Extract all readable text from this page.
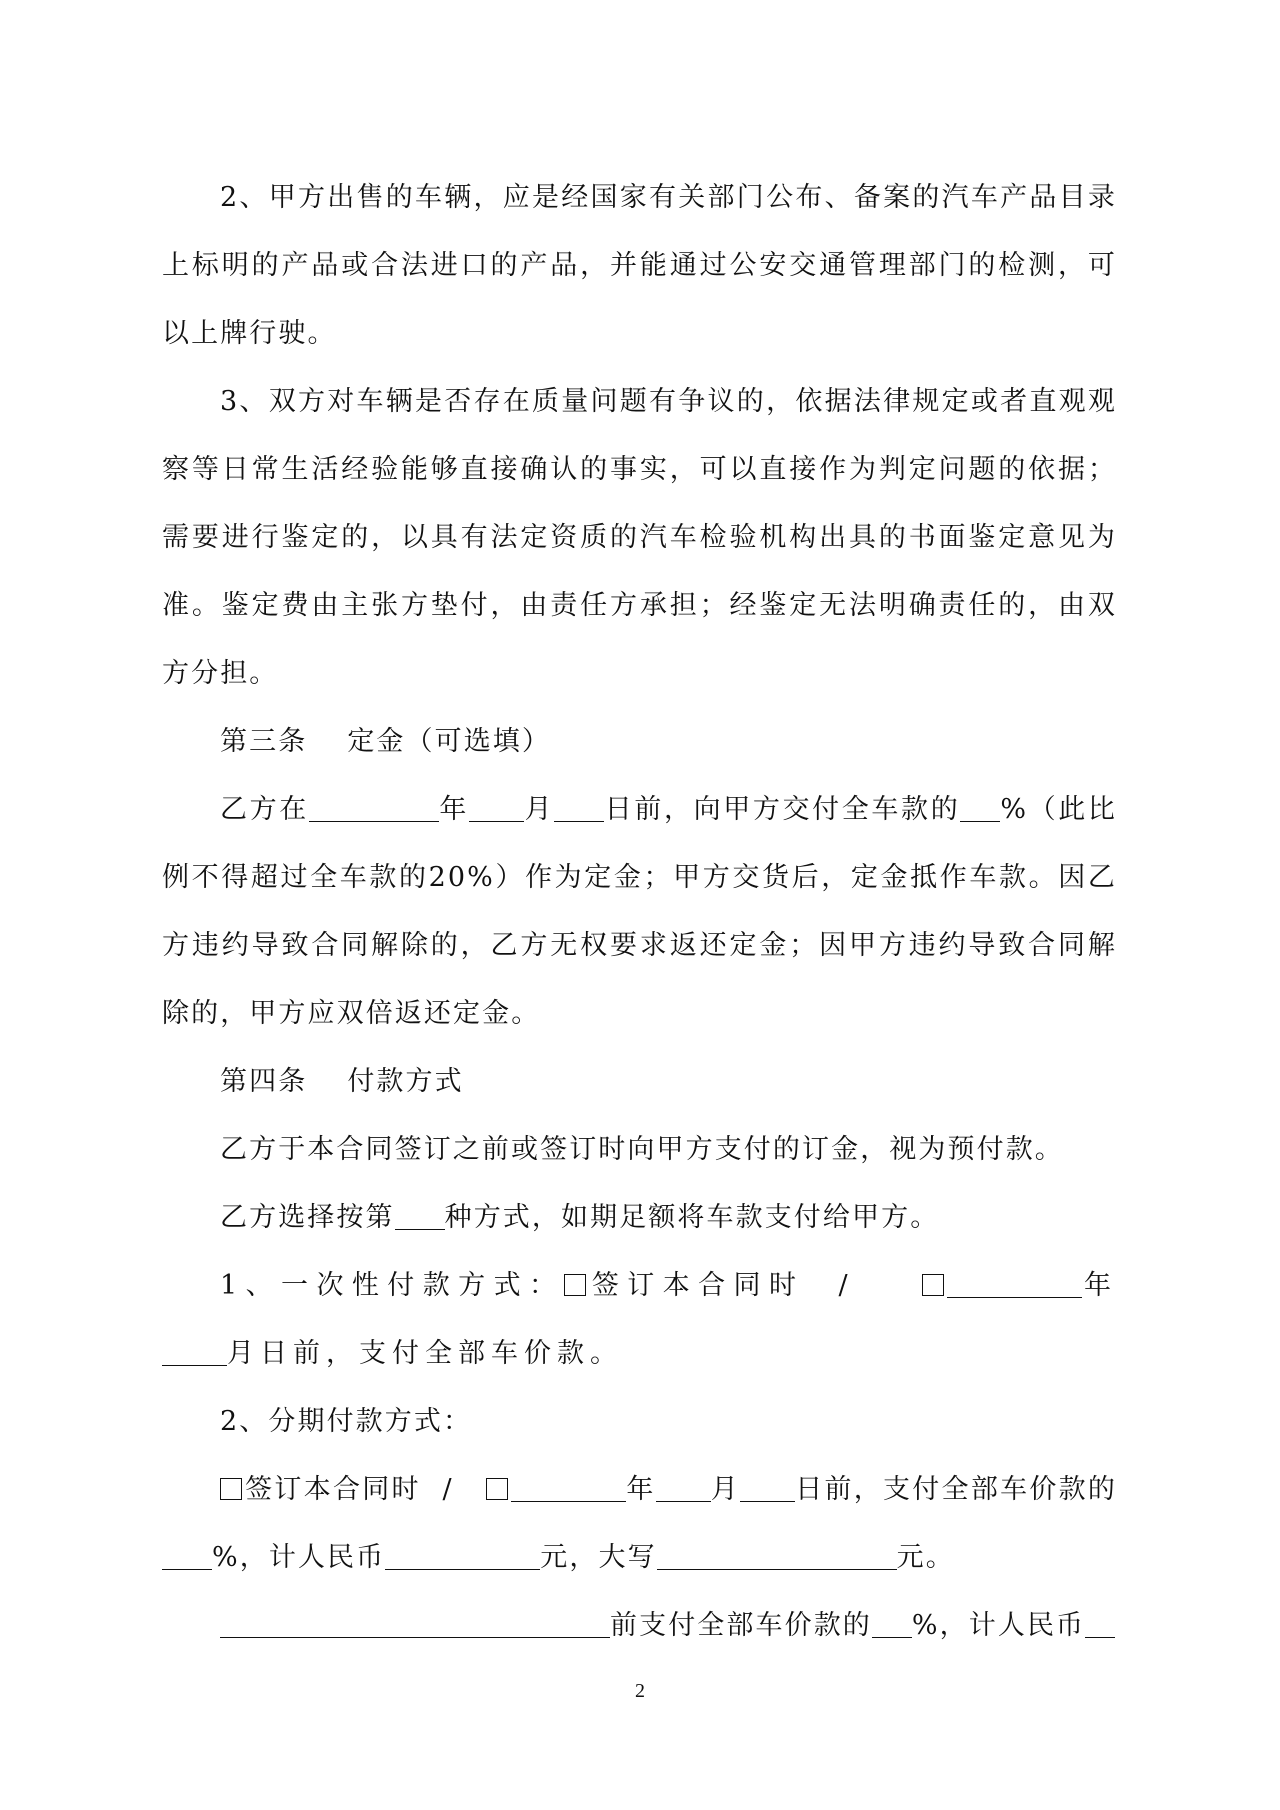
2、甲方出售的车辆，应是经国家有关部门公布、备案的汽车产品目录上标明的产品或合法进口的产品，并能通过公安交通管理部门的检测，可以上牌行驶。

3、双方对车辆是否存在质量问题有争议的，依据法律规定或者直观观察等日常生活经验能够直接确认的事实，可以直接作为判定问题的依据；需要进行鉴定的，以具有法定资质的汽车检验机构出具的书面鉴定意见为准。鉴定费由主张方垫付，由责任方承担；经鉴定无法明确责任的，由双方分担。

第三条 定金（可选填）

乙方在	年 月 日前，向甲方交付全车款的 %（此比例不得超过全车款的20%）作为定金；甲方交货后，定金抵作车款。因乙方违约导致合同解除的，乙方无权要求返还定金；因甲方违约导致合同解除的，甲方应双倍返还定金。

第四条 付款方式

乙方于本合同签订之前或签订时向甲方支付的订金，视为预付款。

乙方选择按第 种方式，如期足额将车款支付给甲方。

1、一次性付款方式： 签订本合同时 /	年月日前，支付全部车价款。

2、分期付款方式：

签订本合同时 /	年 月 日前，支付全部车价款的%，计人民币	元，大写	元。

前支付全部车价款的 %，计人民币

2
